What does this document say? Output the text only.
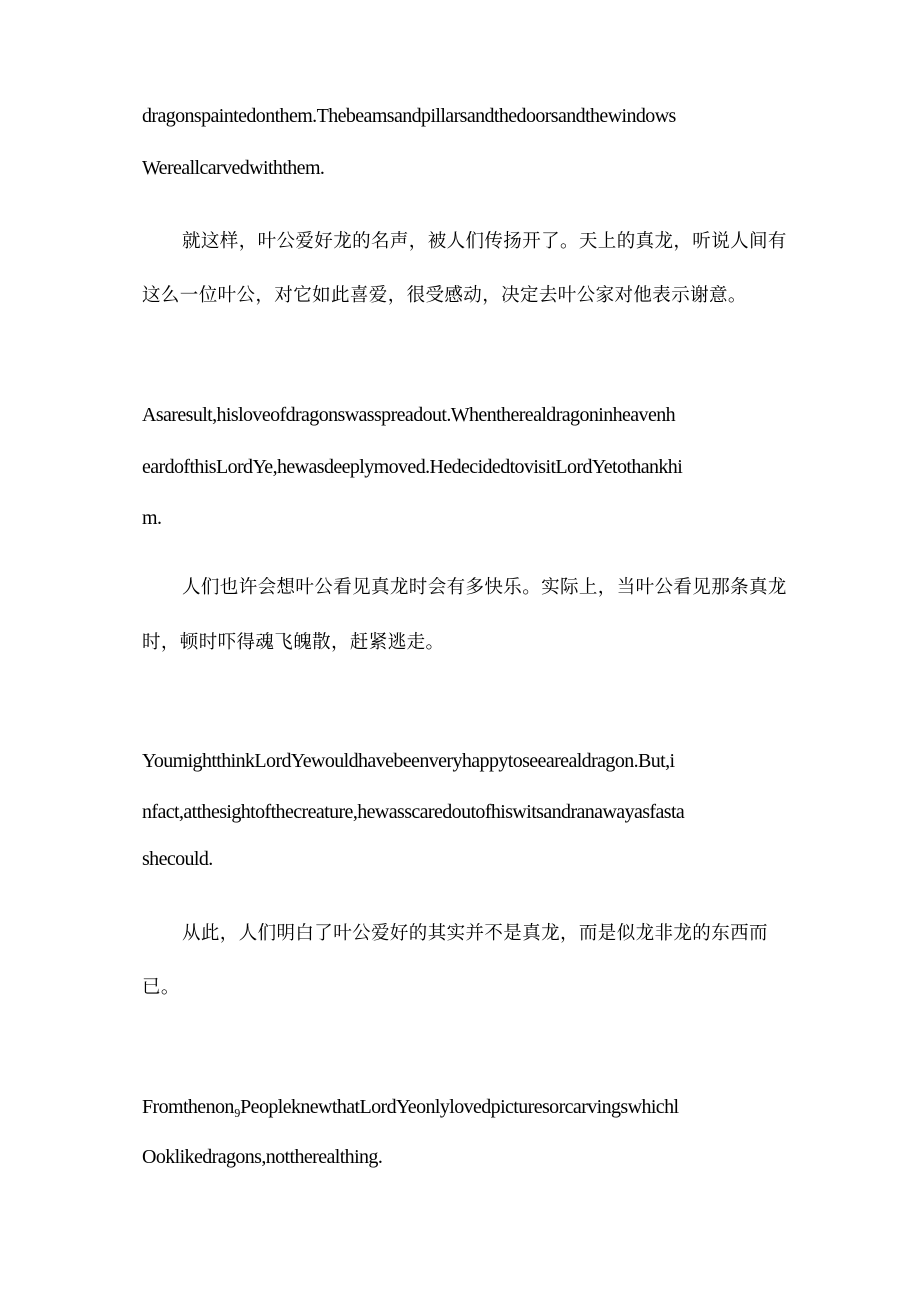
dragonspaintedonthem.Thebeamsandpillarsandthedoorsandthewindows
Wereallcarvedwiththem.
就这样，叶公爱好龙的名声，被人们传扬开了。天上的真龙，听说人间有
这么一位叶公，对它如此喜爱，很受感动，决定去叶公家对他表示谢意。
Asaresult,hisloveofdragonswasspreadout.Whentherealdragoninheavenh
eardofthisLordYe,hewasdeeplymoved.HedecidedtovisitLordYetothankhi
m.
人们也许会想叶公看见真龙时会有多快乐。实际上，当叶公看见那条真龙
时，顿时吓得魂飞魄散，赶紧逃走。
YoumightthinkLordYewouldhavebeenveryhappytoseearealdragon.But,i
nfact,atthesightofthecreature,hewasscaredoutofhiswitsandranawayasfasta
shecould.
从此，人们明白了叶公爱好的其实并不是真龙，而是似龙非龙的东西而
已。
Fromthenon₉PeopleknewthatLordYeonlylovedpicturesorcarvingswhichl
Ooklikedragons,nottherealthing.
